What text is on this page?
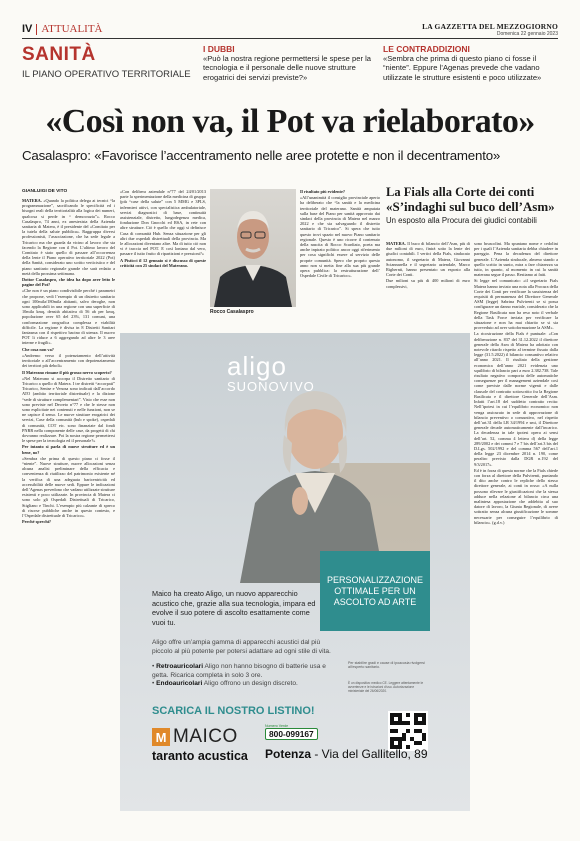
IV ATTUALITÀ	LA GAZZETTA DEL MEZZOGIORNO
Domenica 22 gennaio 2023
SANITÀ
IL PIANO OPERATIVO TERRITORIALE
I DUBBI
«Può la nostra regione permettersi le spese per la tecnologia e il personale delle nuove strutture erogatrici dei servizi previste?»
LE CONTRADDIZIONI
«Sembra che prima di questo piano ci fosse il “niente”. Eppure l’Agenas prevede che vadano utilizzate le strutture esistenti e poco utilizzate»
«Così non va, il Pot va rielaborato»
Casalaspro: «Favorisce l’accentramento nelle aree protette e non il decentramento»
GIANLUIGI DE VITO

MATERA. «Quando la politica delega ai tecnici “la programmazione”, sacrificando le specificità ed i bisogni reali della territorialità alla logica dei numeri, qualcosa si perde in “ democrazia”». Rocco Casalaspro, 74 anni, ex anestesista della Azienda sanitaria di Matera, è il presidente del «Comitato per la tutela della salute pubblica». Raggruppa diversi professionisti, l’associazione, che ha sede legale a Tricarico ma che guarda da vicino al lavoro che sta facendo la Regione con il Pot. L’ultimo lavoro del Comitato è stato quello di passare all’occorrenza della lente il Piano operativo territoriale 2022 (Pot) della Sanità, considerato uno scritto verticistico e del piano sanitario regionale grande che sarà redatto a metà della prossima settimana.

Dottor Casalaspro, che idea ha dopo aver letto le pagine del Pot?

«Che non è un piano condivisibile perché i parametri che propone, vedi l’esempio di un distretto sanitario ogni 100mila/180mila abitanti, salvo deroghe, non sono applicabili in una regione con una superficie di 10mila kmq, densità abitativa di 56 ab per kmq, popolazione over 65 del 23%, 131 comuni, una conformazione orografica complessa e viabilità difficile. La regione è divisa in 8 Distretti Sanitari fantasma con il rispettivo bacino di utenza. Il nuovo POT li riduce a 6 aggregando ad altre le 3 aree interne e fragili».

Che cosa non va?

«Andremo verso il potenziamento dell’attività territoriale o all’accentramento con depotenziamento dei territori più deboli»

Il Materano rimane il più grosso nervo scoperto?

«Nel Materano si accorpa il Distretto sanitario di Tricarico a quello di Matera. I tre distretti “accorpati” Tricarico, Senise e Venosa sono indicati dall’accordo ATO (ambito territoriale distrettuale) e la dizione “sede di strutture complementari”. Visto che esse non sono previste nel Decreto n°77 e che le stesse non sono esplicitate nei contenuti e nelle funzioni, non se ne capisce il senso. Le nuove strutture erogatrici dei servizi, Case della comunità (hub e spoke), ospedali di comunità, COT etc. sono finanziate dal fondi PNRR nella componente delle case, da progetti di chi dovranno realizzare. Poi la nostra regione permettersi le spese per la tecnologia ed il personale?»

Per intanto si parla di nuove strutture ed è un bene, no?

«Sembra che prima di questo piano ci fosse il “niente”. Nuove strutture, nuove allocazioni senza alcuna analisi preliminare della efficacia e convenienza di riutilizzo del patrimonio esistente né la verifica di una adeguata baricentricità ed accessibilità delle nuove sedi. Eppure le indicazioni dell’Agenas prevedono che vadano utilizzate strutture esistenti e poco utilizzate. In provincia di Matera ci sono solo gli Ospedali Distrettuali di Tricarico, Stigliano e Tinchi. L’esempio più calzante di spreco di risorse pubbliche anche in questo contesto, e l’Ospedale distrettuale di Tricarico».

Perché sprechi?

«Con delibera aziendale n°77 del 24/01/2013 parte la sperimentazione della medicina di gruppo (più “case della salute” con 5 MMG e 3PLS, infermieri attivi, con specialistica ambulatoriale, servizi diagnostici di base, continuità assistenziale, distretto, lungodegenza medica, fondazione Don Gnocchi ed RSA, in rete con altre strutture. Ciò è quello che oggi si definisce Casa di comunità Hub. Senza situazione per gli altri due ospedali distrettuali della provincia. Ma le allocazioni diventano altre. Ma di tutto ciò non vi è traccia nel POT. E così lontano dal vero, passare il tutto frutto di ripartizioni e pressioni?»

A Pisticci il 12 gennaio si è discusso di queste criticità con 25 sindaci del Materano.

Rocco Casalaspro

Il risultato più evidente?

«All’unanimità il consiglio provinciale aperto ha deliberato che “la sanità e la medicina territoriale del materano. Sanità amputata sulla base del Piano per sanità approvato dai sindaci della provincia di Matera nel marzo 2022 e che sia salvaguardo il distretto sanitario di Tricarico”. Si spera che tutto questo trovi spazio nel nuovo Piano sanitario regionale. Questo è uno ricorre il contenuto della nascita di Rocco Scardiato, poeta ma anche inpirato politico ancor oggi riferimento per cosa significhi essere al servizio delle proprie comunità. Spero che proprio questo anno non si metta fine alla sua più grande opera pubblica: la restrutturazione dell’ Ospedale Civile di Tricarico».

La Fials alla Corte dei conti
«S’indaghi sul buco dell’Asm»
Un esposto alla Procura dei giudici contabili

MATERA. Il buco di bilancio dell’Asm, più di due milioni di euro, finirà sotto la lente dei giudici contabili. I vertici della Fials, sindacato autonomo, il segretario di Matera, Giovanni Sciannarella e il segretario aziendale, Marco Righernti, hanno presentato un esposto alla Corte dei Conti.

Due milioni su più di 400 milioni di euro complessivi,

sono bruscolini. Ma spuntano nome e cedolini per i quali l’Azienda sanitaria debba chiudere in pareggio. Pena la decadenza del direttore generale. L’Azienda sindacale, almeno stando a quello scritto in sunto, mira a fare chiarezza su tutto, in quanto, al momento in cui la sanità materana segue il passo. Restiamo ai fatti.

Si legge nel comunicato: «il segretario Fials Matera hanno inviato una nota alla Procura della Corte dei Conti per verificare la sussistenza del requisiti di permanenza del Direttore Generale ASM (legge) Sabrina Pulvirenti se si possa configurare un danno erariale, considerato che la Regione Basilicata non ha reso noto il verbale della Task Force inviata per verificare la situazione e non ha mai chiarito se si sia provveduto ad aver sottoformazione la ASM».

La ricostruzione della Fials è puntuale: «Con deliberazione n. 837 del 31.12.2022 il direttore generale della Asm di Matera ha adottato con notevole ritardo rispetto al termine fissato dalla legge (31.5.2022) il bilancio consuntivo relativo all’anno 2021. Il risultato della gestione economica dell’anno 2021 evidenzia uno squilibrio di bilancio pari a euro 2.382.738. Tale risultato negativo comporta delle automatiche conseguenze per il management aziendale così come previste dalle norme vigenti e dalle clausole del contratto sottoscritto fra la Regione Basilicata e il direttore Generale dell’Asm. Infatti l’art.18 del suddetto contratto recita: Nell’ipotesi in cui l’equilibrio economico non venga assicurato in sede di approvazione di bilancio preventivo o consuntivo, nel rispetto dell’art.31 della LR 34/1994 e smi, il Direttore generale decade automaticamente dall’incarico. La decadenza in tale ipotesi opera ai sensi dell’art. 52, comma 4 lettera d) della legge 289/2002 e dei commi 7 e 7 bis dell’art.3 bis del D.Lgs. 502/1992 e del comma 567 dell’art.1 della legge 23 dicembre 2014 n. 190, come peraltro previsto dalla DGR n.192 del 9/3/2017».

Ed è in forza di questa norme che la Fials chiede con forza al direttore della Pulvirenti, puntando il dito anche contro le repliche dello stesso direttore generale, ai conti in rosso: «A nulla possono rilevare le giustificazioni che la stessa adduce nella relazione al bilancio circa una malintesa appostazione che addebita al suo datore di lavoro, la Giunta Regionale, di avere sottratto senza alcuna giustificazione le somme necessarie per conseguire l’equilibrio di bilancio». (g.d.v.)

aligo
SUONOVIVO
PERSONALIZZAZIONE OTTIMALE PER UN ASCOLTO AD ARTE
Maico ha creato Aligo, un nuovo apparecchio acustico che, grazie alla sua tecnologia, impara ed evolve il suo potere di ascolto esattamente come vuoi tu.
Aligo offre un’ampia gamma di apparecchi acustici dal più piccolo al più potente per potersi adattare ad ogni stile di vita.
• Retroauricolari Aligo non hanno bisogno di batterie usa e getta. Ricarica completa in solo 3 ore.
• Endoauricolari Aligo offrono un design discreto.
Per stabilire gradi e cause di ipoacusia rivolgersi all’esperto sanitario.
È un dispositivo medico CE. Leggere attentamente le avvertenze e le istruzioni d’uso. Autorizzazione ministeriale del 26/06/2020.
SCARICA IL NOSTRO LISTINO!
M MAICO
taranto acustica
Numero Verde
800-099167
Potenza - Via del Gallitello, 89
